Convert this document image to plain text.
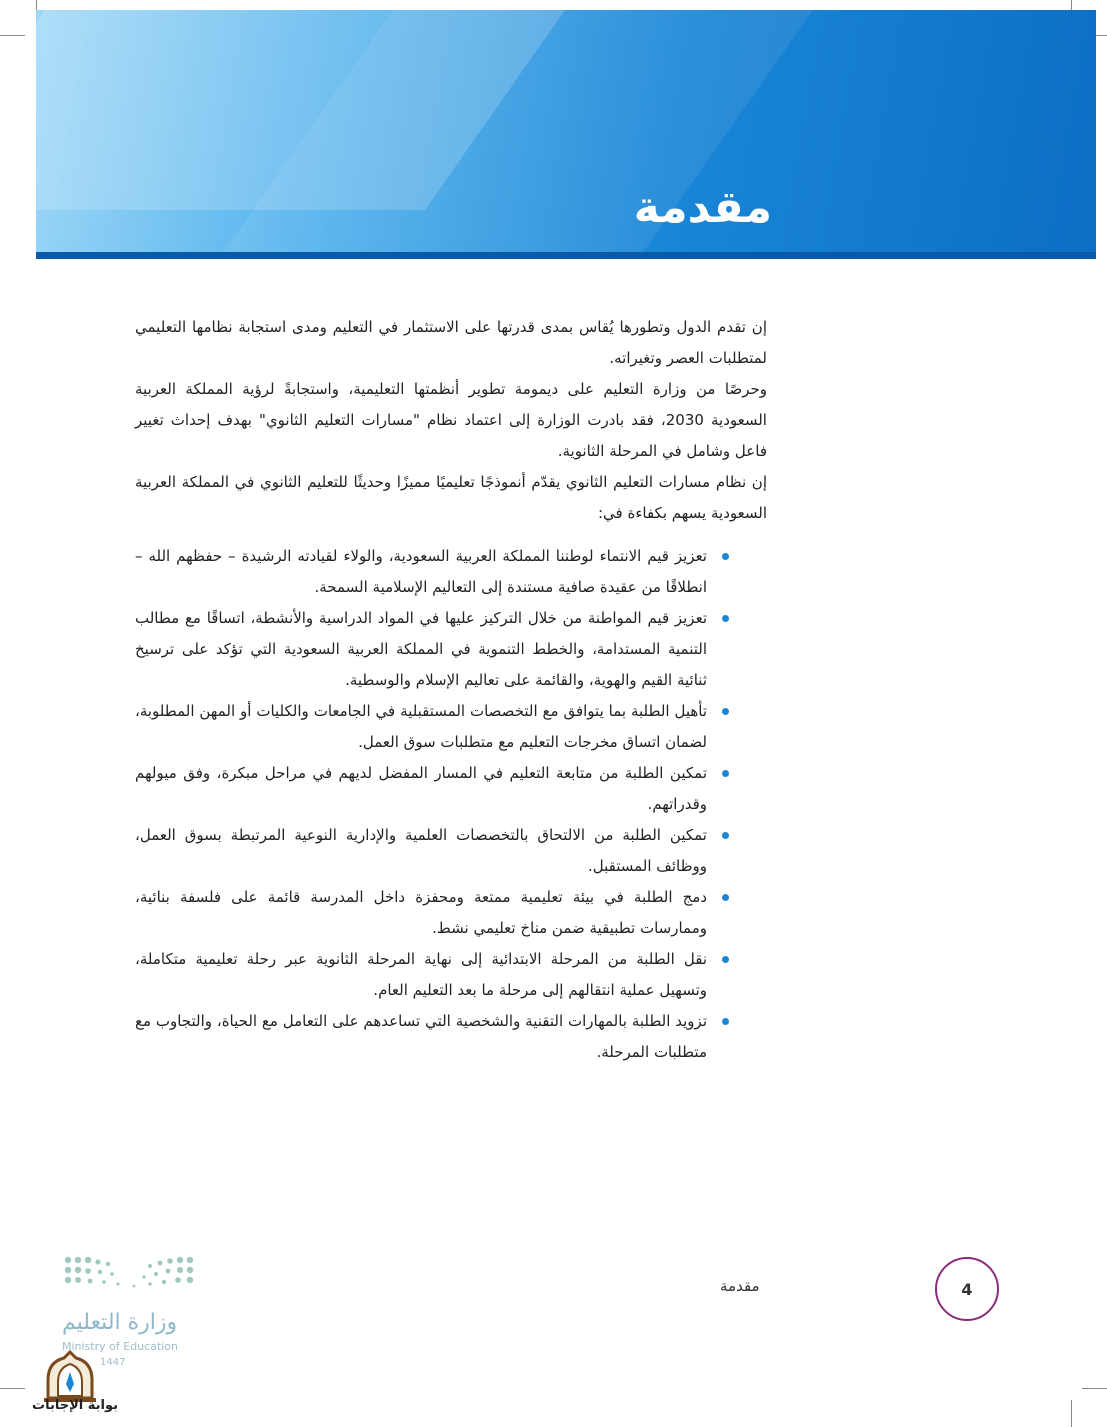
مقدمة

إن تقدم الدول وتطورها يُقاس بمدى قدرتها على الاستثمار في التعليم ومدى استجابة نظامها التعليمي لمتطلبات العصر وتغيراته.

وحرصًا من وزارة التعليم على ديمومة تطوير أنظمتها التعليمية، واستجابةً لرؤية المملكة العربية السعودية 2030، فقد بادرت الوزارة إلى اعتماد نظام "مسارات التعليم الثانوي" بهدف إحداث تغيير فاعل وشامل في المرحلة الثانوية.

إن نظام مسارات التعليم الثانوي يقدّم أنموذجًا تعليميًا مميزًا وحديثًا للتعليم الثانوي في المملكة العربية السعودية يسهم بكفاءة في:

تعزيز قيم الانتماء لوطننا المملكة العربية السعودية، والولاء لقيادته الرشيدة – حفظهم الله – انطلاقًا من عقيدة صافية مستندة إلى التعاليم الإسلامية السمحة.
تعزيز قيم المواطنة من خلال التركيز عليها في المواد الدراسية والأنشطة، اتساقًا مع مطالب التنمية المستدامة، والخطط التنموية في المملكة العربية السعودية التي تؤكد على ترسيخ ثنائية القيم والهوية، والقائمة على تعاليم الإسلام والوسطية.
تأهيل الطلبة بما يتوافق مع التخصصات المستقبلية في الجامعات والكليات أو المهن المطلوبة، لضمان اتساق مخرجات التعليم مع متطلبات سوق العمل.
تمكين الطلبة من متابعة التعليم في المسار المفضل لديهم في مراحل مبكرة، وفق ميولهم وقدراتهم.
تمكين الطلبة من الالتحاق بالتخصصات العلمية والإدارية النوعية المرتبطة بسوق العمل، ووظائف المستقبل.
دمج الطلبة في بيئة تعليمية ممتعة ومحفزة داخل المدرسة قائمة على فلسفة بنائية، وممارسات تطبيقية ضمن مناخ تعليمي نشط.
نقل الطلبة من المرحلة الابتدائية إلى نهاية المرحلة الثانوية عبر رحلة تعليمية متكاملة، وتسهيل عملية انتقالهم إلى مرحلة ما بعد التعليم العام.
تزويد الطلبة بالمهارات التقنية والشخصية التي تساعدهم على التعامل مع الحياة، والتجاوب مع متطلبات المرحلة.
وزارة التعليم
Ministry of Education
1447
بوابة الإجابات
مقدمة	4
